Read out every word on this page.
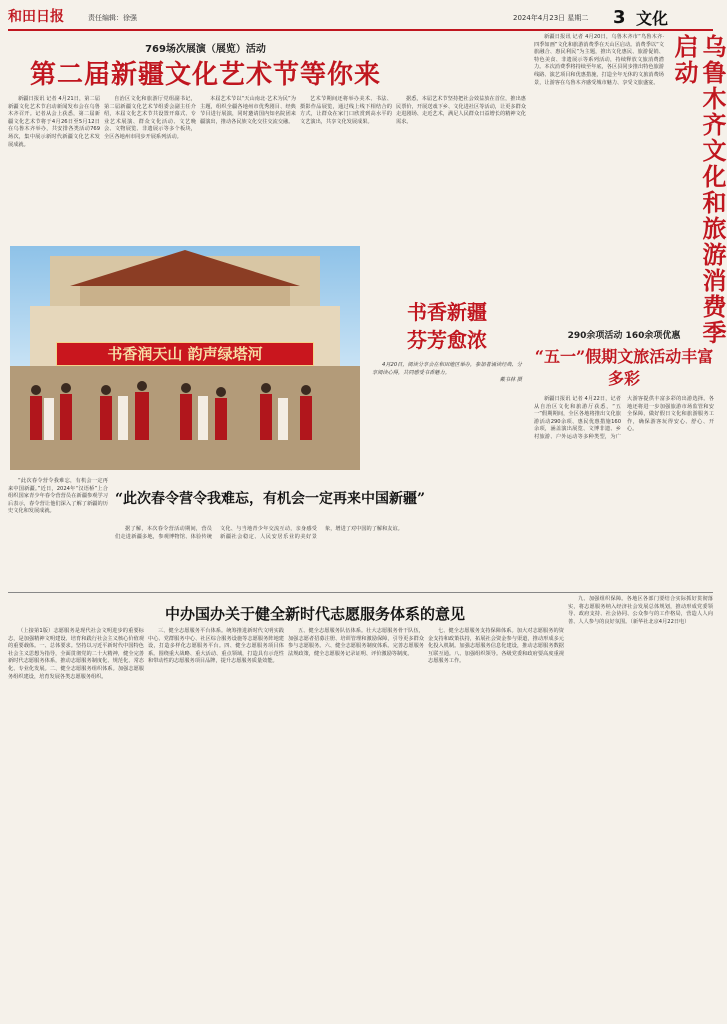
和田日报	责任编辑：徐强	2024年4月23日 星期二 3 文化
769场次展演（展览）活动
第二届新疆文化艺术节等你来

新疆日报讯 记者 4月21日，第二届新疆文化艺术节启动新闻发布会在乌鲁木齐召开。记者从会上获悉，第二届新疆文化艺术节将于4月26日至5月12日在乌鲁木齐举办，共安排各类活动769场次，集中展示新时代新疆文化艺术发展成就。

自治区文化和旅游厅党组副书记，第二届新疆文化艺术节组委会副主任介绍，本届文化艺术节共设置开幕式、专业艺术展演、群众文化活动、文艺晚会、文物展览、非遗展示等多个板块，全区各地州市同步开展系列活动。

本届艺术节以“天山南北·艺术为民”为主题，组织全疆各地州市优秀剧目、经典节目进行展演，同时邀请国内知名院团来疆演出，推动各民族文化交往交流交融。

艺术节期间还将举办美术、书法、摄影作品展览，通过线上线下相结合的方式，让群众在家门口欣赏到高水平的文艺演出，共享文化发展成果。

据悉，本届艺术节坚持把社会效益放在首位，推出惠民票价，开展送戏下乡、文化进社区等活动，让更多群众走进剧场、走近艺术，满足人民群众日益增长的精神文化需求。

书香润天山 韵声绿塔河
书香新疆
芬芳愈浓

4月20日，阅读分享会在和田地区举办，参加者诵读经典、分享阅读心得，共同感受书香魅力。

戴书林 摄

“此次春令营令我难忘，有机会一定再来中国新疆。”近日，2024年“汉语桥”上合组织国家青少年春令营营员在新疆参观学习后表示，春令营让他们深入了解了新疆的历史文化和发展成就。

“此次春令营令我难忘，有机会一定再来中国新疆”

据了解，本次春令营活动期间，营员们走进新疆多地，参观博物馆、体验传统文化、与当地青少年交流互动，亲身感受新疆社会稳定、人民安居乐业的美好景象，增进了对中国的了解和友谊。

新疆日报讯 记者 4月20日，乌鲁木齐市“鸟鲁木齐·四季如画”文化和旅游消费季在天山区启动。消费季以“文旅融合、惠民利民”为主题，推出文化惠民、旅游促销、特色美食、非遗展示等系列活动，持续释放文旅消费潜力。本次消费季将持续至年底，各区县同步推出特色旅游线路、演艺项目和优惠措施，打造全年无休的文旅消费场景，让游客在乌鲁木齐感受城市魅力、享受文旅盛宴。	乌鲁木齐文化和旅游消费季启动
290余项活动 160余项优惠
“五一”假期文旅活动丰富多彩

新疆日报讯 记者 4月22日，记者从自治区文化和旅游厅获悉，“五一”假期期间，全区各地将推出文化旅游活动290余项、惠民优惠措施160余项，涵盖演出展览、文博非遗、乡村旅游、户外运动等多种类型，为广大游客提供丰富多彩的出游选择。各地还将进一步加强旅游市场监管和安全保障，做好假日文化和旅游服务工作，确保游客玩得安心、舒心、开心。

中办国办关于健全新时代志愿服务体系的意见

（上接第1版）志愿服务是现代社会文明进步的重要标志，是加强精神文明建设、培育和践行社会主义核心价值观的重要载体。一、总体要求。坚持以习近平新时代中国特色社会主义思想为指导，全面贯彻党的二十大精神，健全完善新时代志愿服务体系，推动志愿服务制度化、规范化、常态化、专业化发展。二、健全志愿服务组织体系。加强志愿服务组织建设，培育发展各类志愿服务组织。

三、健全志愿服务平台体系。统筹推进新时代文明实践中心、党群服务中心、社区综合服务设施等志愿服务阵地建设，打造多样化志愿服务平台。四、健全志愿服务项目体系。围绕重大战略、重大活动、重点领域，打造具有示范性和带动性的志愿服务项目品牌，提升志愿服务质量效能。

五、健全志愿服务队伍体系。壮大志愿服务骨干队伍，加强志愿者招募注册、培训管理和激励保障，引导更多群众参与志愿服务。六、健全志愿服务制度体系。完善志愿服务法规政策，健全志愿服务记录证明、评价激励等制度。

七、健全志愿服务支持保障体系。加大对志愿服务的资金支持和政策扶持，拓展社会资金参与渠道，推动形成多元化投入机制。加强志愿服务信息化建设，推动志愿服务数据互联互通。八、加强组织领导。各级党委和政府要高度重视志愿服务工作。

九、加强组织保障。各地区各部门要结合实际抓好贯彻落实，将志愿服务纳入经济社会发展总体规划，推动形成党委领导、政府支持、社会协同、公众参与的工作格局，营造人人向善、人人参与的良好氛围。（新华社北京4月22日电）
